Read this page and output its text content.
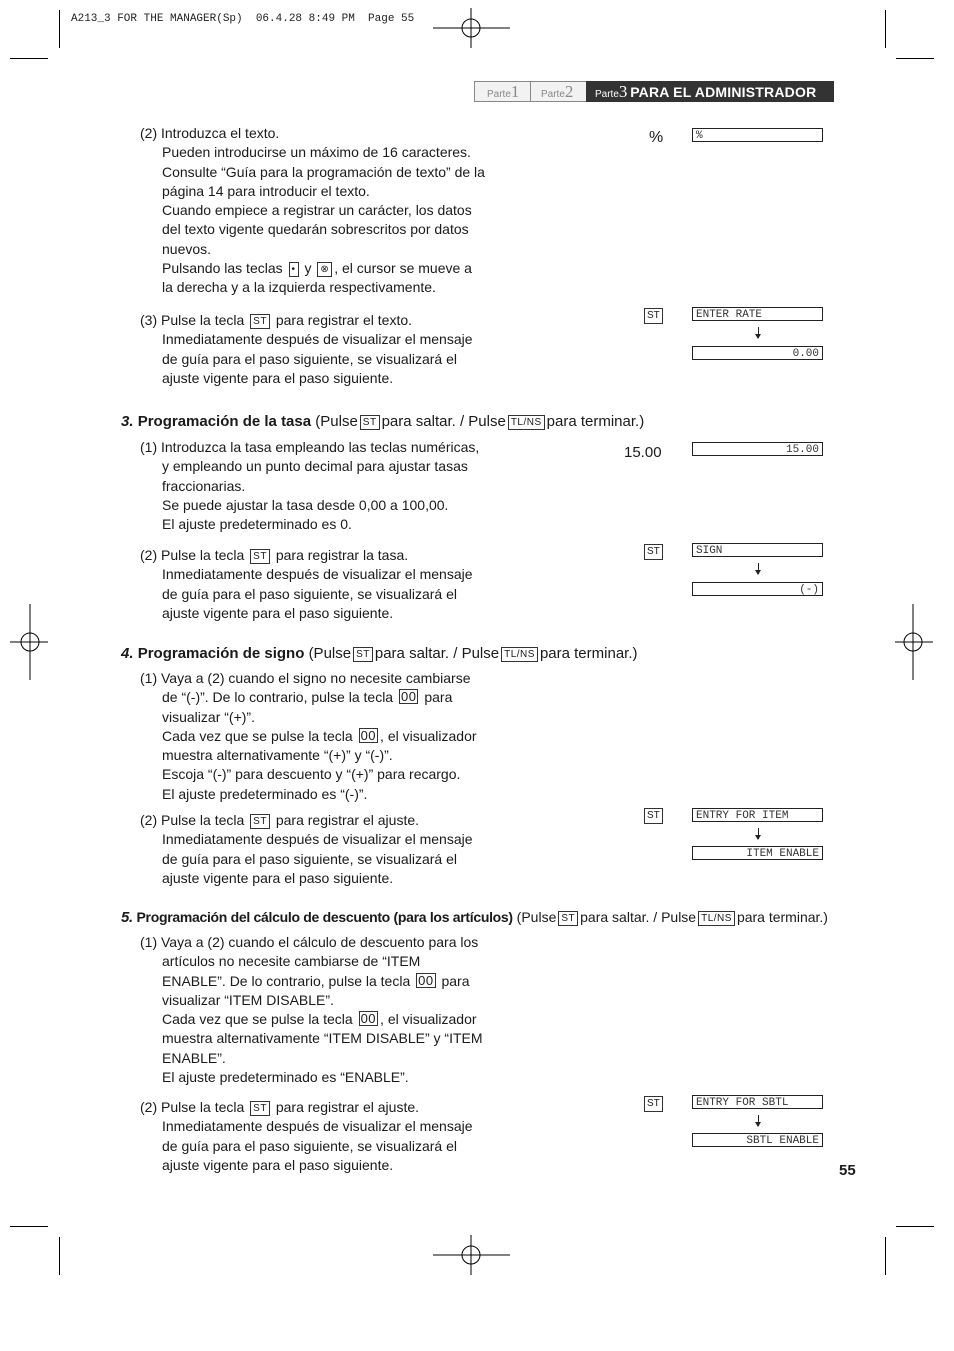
A213_3 FOR THE MANAGER(Sp)  06.4.28 8:49 PM  Page 55
Parte1	Parte2	Parte3 PARA EL ADMINISTRADOR
(2) Introduzca el texto.
Pueden introducirse un máximo de 16 caracteres.
Consulte “Guía para la programación de texto” de la
página 14 para introducir el texto.
Cuando empiece a registrar un carácter, los datos
del texto vigente quedarán sobrescritos por datos
nuevos.
Pulsando las teclas • y ⊗ , el cursor se mueve a
la derecha y a la izquierda respectivamente.
%	%
(3) Pulse la tecla ST para registrar el texto.
Inmediatamente después de visualizar el mensaje
de guía para el paso siguiente, se visualizará el
ajuste vigente para el paso siguiente.
ST	ENTER RATE
0.00
3. Programación de la tasa (Pulse ST para saltar. / Pulse TL/NS para terminar.)
(1) Introduzca la tasa empleando las teclas numéricas,
y empleando un punto decimal para ajustar tasas
fraccionarias.
Se puede ajustar la tasa desde 0,00 a 100,00.
El ajuste predeterminado es 0.
15.00	15.00
(2) Pulse la tecla ST para registrar la tasa.
Inmediatamente después de visualizar el mensaje
de guía para el paso siguiente, se visualizará el
ajuste vigente para el paso siguiente.
ST	SIGN
(-)
4. Programación de signo (Pulse ST para saltar. / Pulse TL/NS para terminar.)
(1) Vaya a (2) cuando el signo no necesite cambiarse
de “(-)”. De lo contrario, pulse la tecla 00 para
visualizar “(+)”.
Cada vez que se pulse la tecla 00 , el visualizador
muestra alternativamente “(+)” y “(-)”.
Escoja “(-)” para descuento y “(+)” para recargo.
El ajuste predeterminado es “(-)”.
(2) Pulse la tecla ST para registrar el ajuste.
Inmediatamente después de visualizar el mensaje
de guía para el paso siguiente, se visualizará el
ajuste vigente para el paso siguiente.
ST	ENTRY FOR ITEM
ITEM ENABLE
5. Programación del cálculo de descuento (para los artículos) (Pulse ST para saltar. / Pulse TL/NS para terminar.)
(1) Vaya a (2) cuando el cálculo de descuento para los
artículos no necesite cambiarse de “ITEM
ENABLE”. De lo contrario, pulse la tecla 00 para
visualizar “ITEM DISABLE”.
Cada vez que se pulse la tecla 00 , el visualizador
muestra alternativamente “ITEM DISABLE” y “ITEM
ENABLE”.
El ajuste predeterminado es “ENABLE”.
(2) Pulse la tecla ST para registrar el ajuste.
Inmediatamente después de visualizar el mensaje
de guía para el paso siguiente, se visualizará el
ajuste vigente para el paso siguiente.
ST	ENTRY FOR SBTL
SBTL ENABLE
55
